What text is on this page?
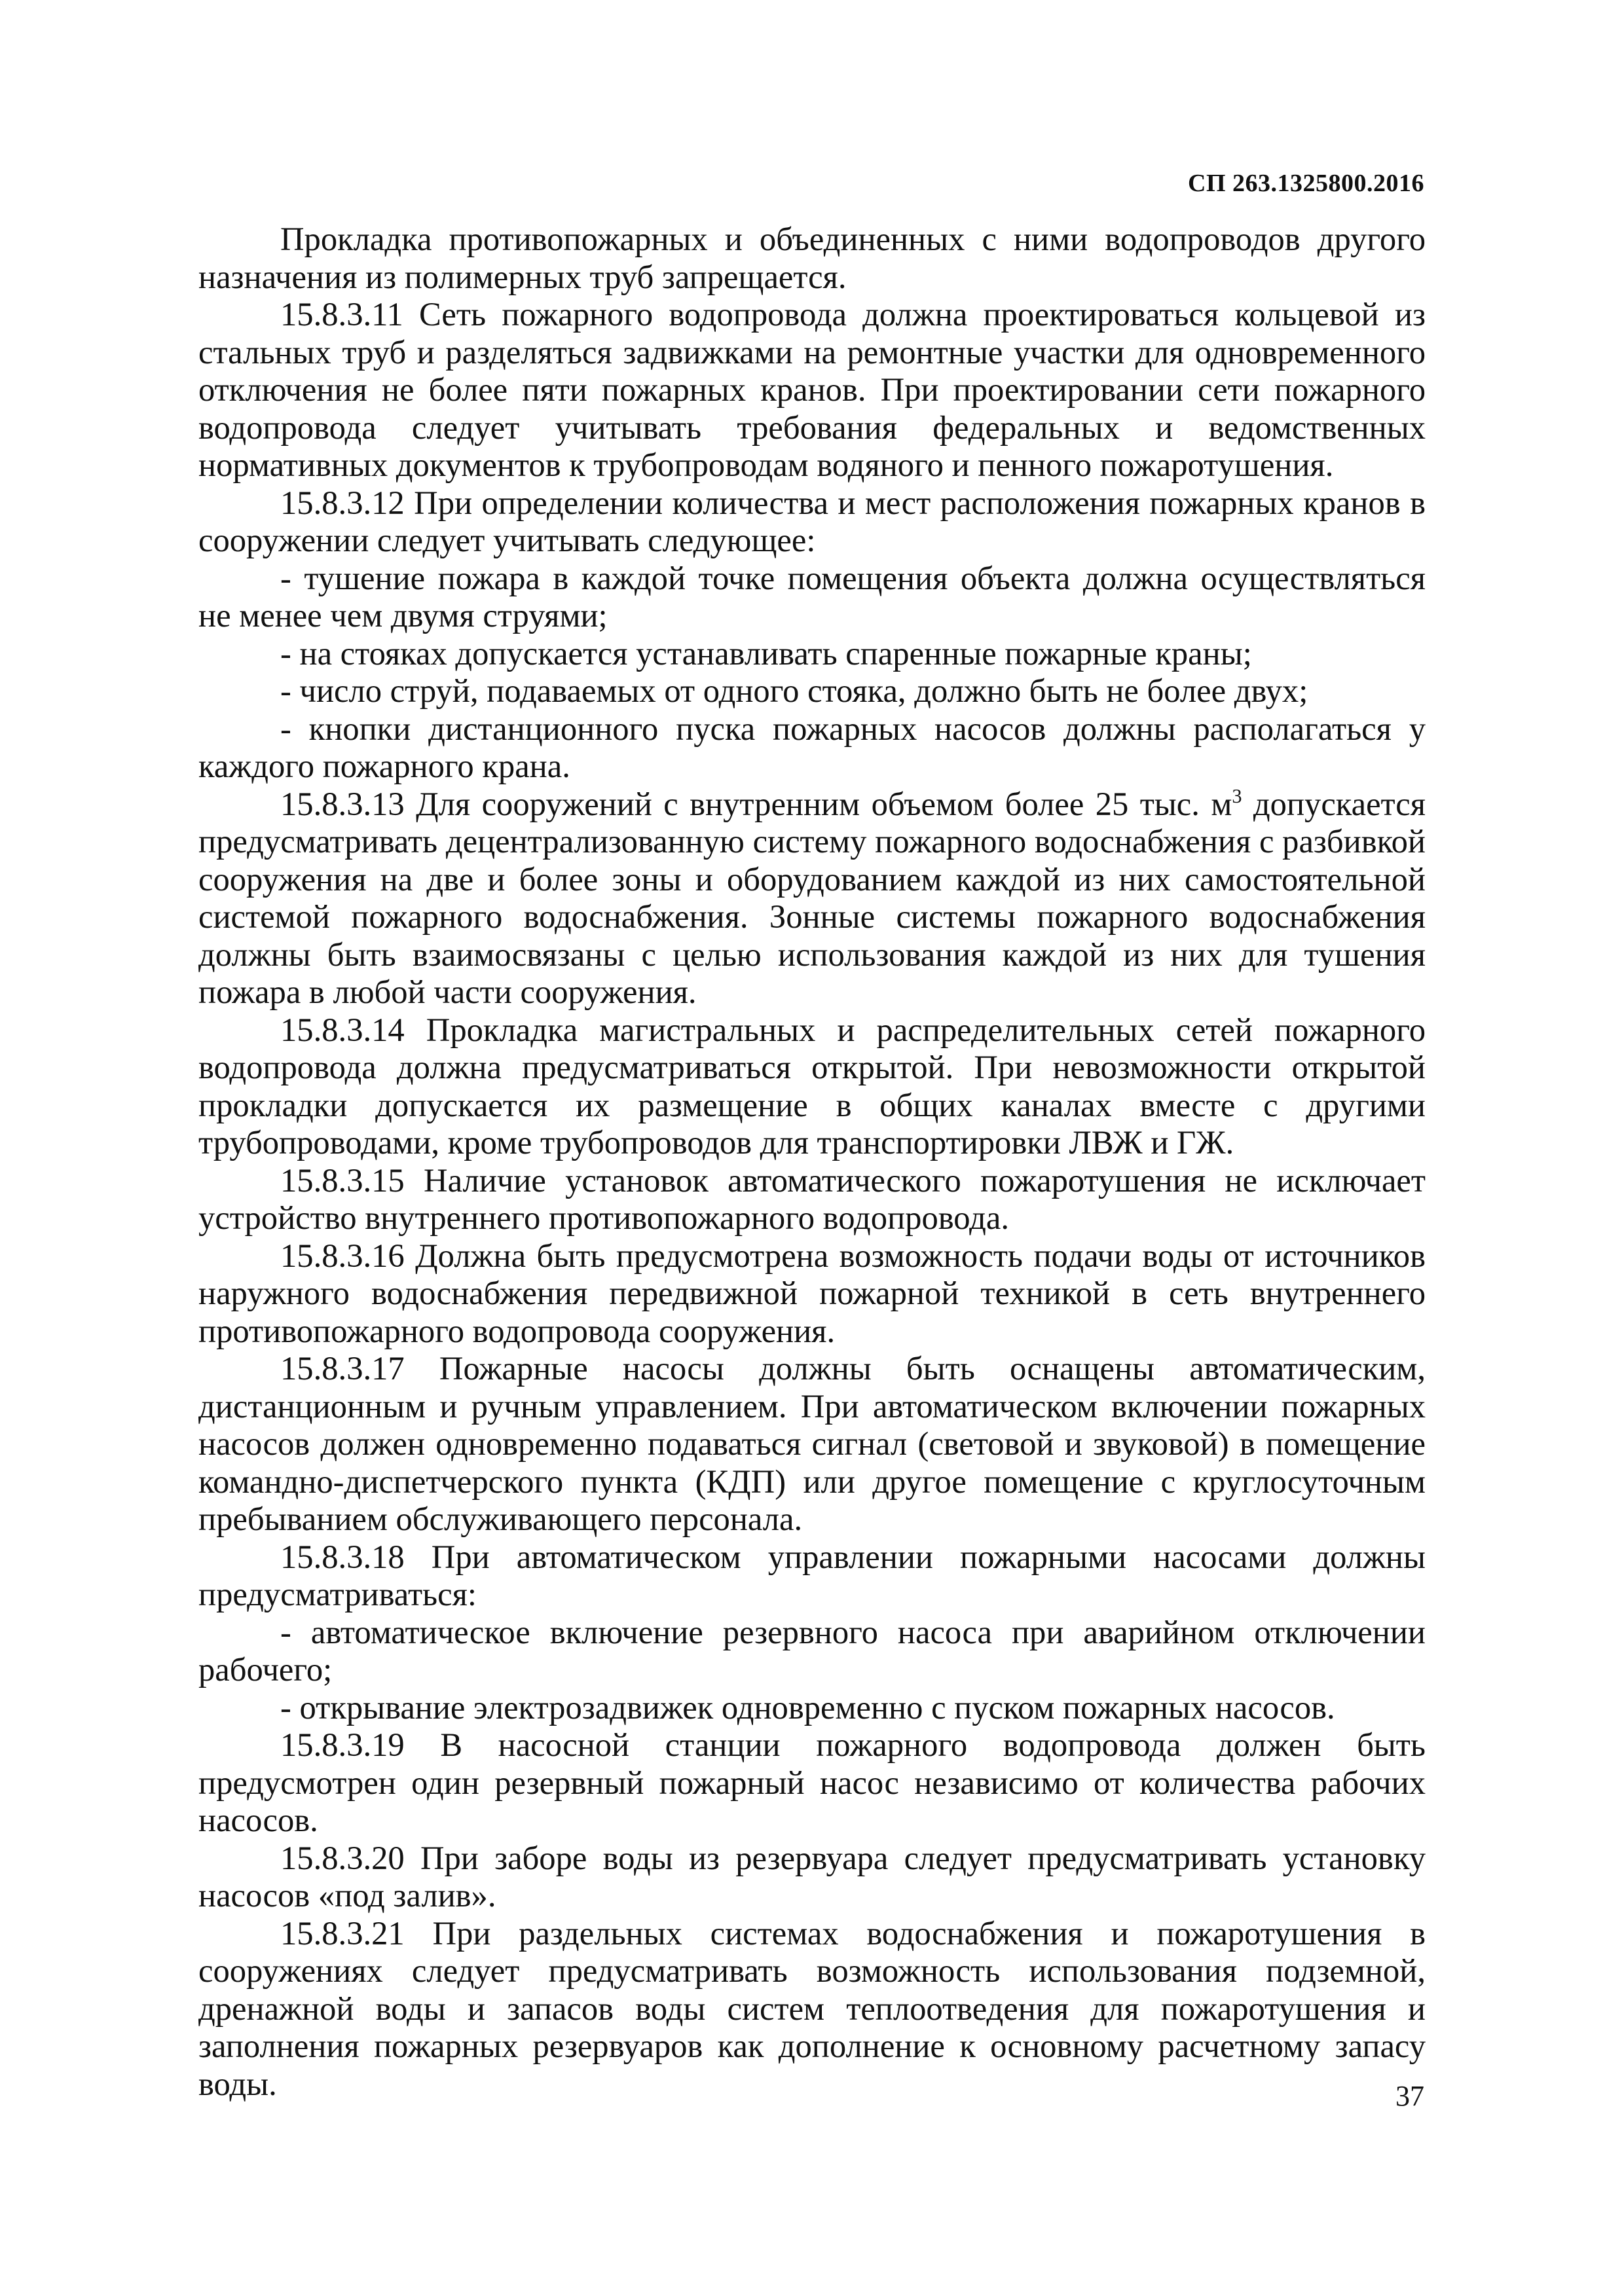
СП 263.1325800.2016

Прокладка противопожарных и объединенных с ними водопроводов другого назначения из полимерных труб запрещается.

15.8.3.11 Сеть пожарного водопровода должна проектироваться кольцевой из стальных труб и разделяться задвижками на ремонтные участки для одновременного отключения не более пяти пожарных кранов. При проектировании сети пожарного водопровода следует учитывать требования федеральных и ведомственных нормативных документов к трубопроводам водяного и пенного пожаротушения.

15.8.3.12 При определении количества и мест расположения пожарных кранов в сооружении следует учитывать следующее:

- тушение пожара в каждой точке помещения объекта должна осуществляться не менее чем двумя струями;

- на стояках допускается устанавливать спаренные пожарные краны;

- число струй, подаваемых от одного стояка, должно быть не более двух;

- кнопки дистанционного пуска пожарных насосов должны располагаться у каждого пожарного крана.

15.8.3.13 Для сооружений с внутренним объемом более 25 тыс. $м^3$ допускается предусматривать децентрализованную систему пожарного водоснабжения с разбивкой сооружения на две и более зоны и оборудованием каждой из них самостоятельной системой пожарного водоснабжения. Зонные системы пожарного водоснабжения должны быть взаимосвязаны с целью использования каждой из них для тушения пожара в любой части сооружения.

15.8.3.14 Прокладка магистральных и распределительных сетей пожарного водопровода должна предусматриваться открытой. При невозможности открытой прокладки допускается их размещение в общих каналах вместе с другими трубопроводами, кроме трубопроводов для транспортировки ЛВЖ и ГЖ.

15.8.3.15 Наличие установок автоматического пожаротушения не исключает устройство внутреннего противопожарного водопровода.

15.8.3.16 Должна быть предусмотрена возможность подачи воды от источников наружного водоснабжения передвижной пожарной техникой в сеть внутреннего противопожарного водопровода сооружения.

15.8.3.17 Пожарные насосы должны быть оснащены автоматическим, дистанционным и ручным управлением. При автоматическом включении пожарных насосов должен одновременно подаваться сигнал (световой и звуковой) в помещение командно-диспетчерского пункта (КДП) или другое помещение с круглосуточным пребыванием обслуживающего персонала.

15.8.3.18 При автоматическом управлении пожарными насосами должны предусматриваться:

- автоматическое включение резервного насоса при аварийном отключении рабочего;

- открывание электрозадвижек одновременно с пуском пожарных насосов.

15.8.3.19 В насосной станции пожарного водопровода должен быть предусмотрен один резервный пожарный насос независимо от количества рабочих насосов.

15.8.3.20 При заборе воды из резервуара следует предусматривать установку насосов «под залив».

15.8.3.21 При раздельных системах водоснабжения и пожаротушения в сооружениях следует предусматривать возможность использования подземной, дренажной воды и запасов воды систем теплоотведения для пожаротушения и заполнения пожарных резервуаров как дополнение к основному расчетному запасу воды.	37
